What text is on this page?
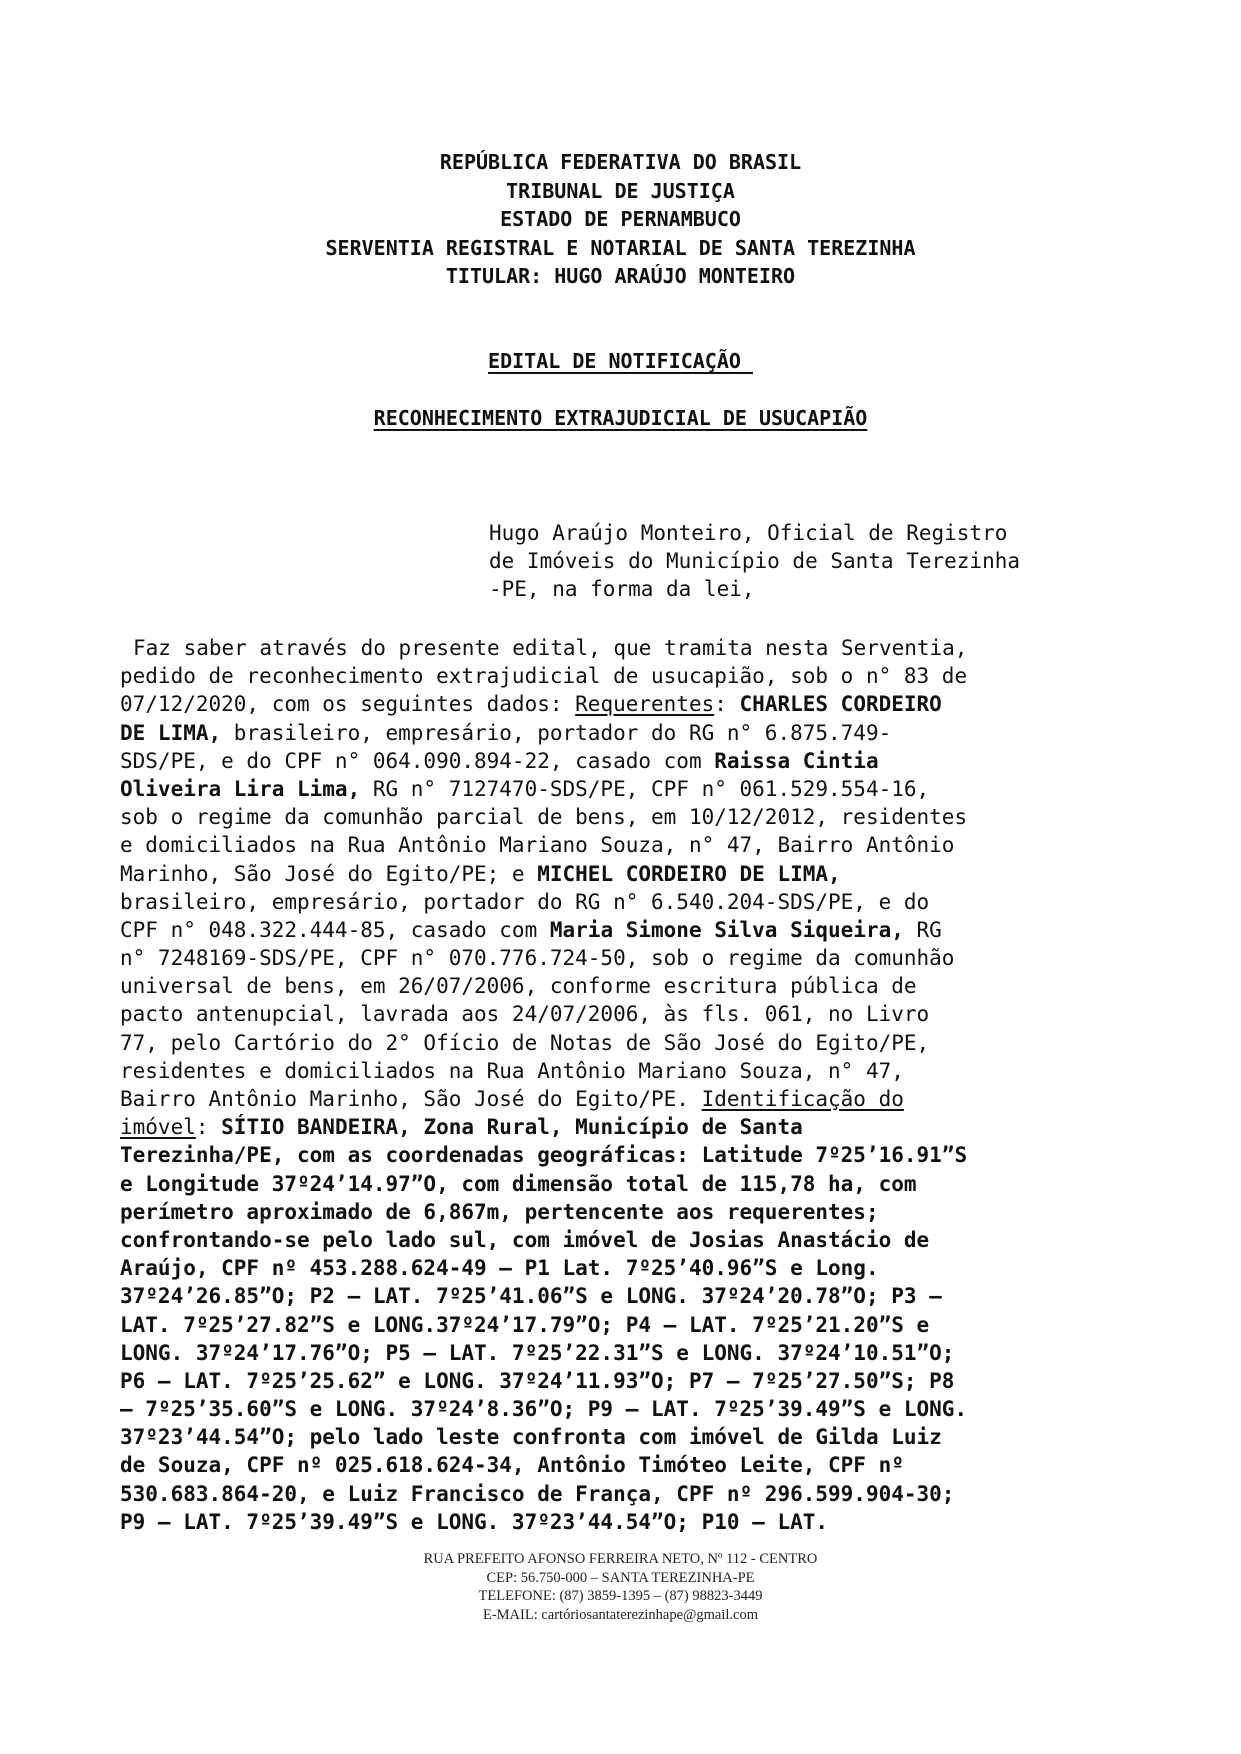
REPÚBLICA FEDERATIVA DO BRASIL
TRIBUNAL DE JUSTIÇA
ESTADO DE PERNAMBUCO
SERVENTIA REGISTRAL E NOTARIAL DE SANTA TEREZINHA
TITULAR: HUGO ARAÚJO MONTEIRO
EDITAL DE NOTIFICAÇÃO
RECONHECIMENTO EXTRAJUDICIAL DE USUCAPIÃO
Hugo Araújo Monteiro, Oficial de Registro
de Imóveis do Município de Santa Terezinha
-PE, na forma da lei,
Faz saber através do presente edital, que tramita nesta Serventia,
pedido de reconhecimento extrajudicial de usucapião, sob o n° 83 de
07/12/2020, com os seguintes dados: Requerentes: CHARLES CORDEIRO
DE LIMA, brasileiro, empresário, portador do RG n° 6.875.749-
SDS/PE, e do CPF n° 064.090.894-22, casado com Raissa Cintia
Oliveira Lira Lima, RG n° 7127470-SDS/PE, CPF n° 061.529.554-16,
sob o regime da comunhão parcial de bens, em 10/12/2012, residentes
e domiciliados na Rua Antônio Mariano Souza, n° 47, Bairro Antônio
Marinho, São José do Egito/PE; e MICHEL CORDEIRO DE LIMA,
brasileiro, empresário, portador do RG n° 6.540.204-SDS/PE, e do
CPF n° 048.322.444-85, casado com Maria Simone Silva Siqueira, RG
n° 7248169-SDS/PE, CPF n° 070.776.724-50, sob o regime da comunhão
universal de bens, em 26/07/2006, conforme escritura pública de
pacto antenupcial, lavrada aos 24/07/2006, às fls. 061, no Livro
77, pelo Cartório do 2° Ofício de Notas de São José do Egito/PE,
residentes e domiciliados na Rua Antônio Mariano Souza, n° 47,
Bairro Antônio Marinho, São José do Egito/PE. Identificação do
imóvel: SÍTIO BANDEIRA, Zona Rural, Município de Santa
Terezinha/PE, com as coordenadas geográficas: Latitude 7º25’16.91”S
e Longitude 37º24’14.97”O, com dimensão total de 115,78 ha, com
perímetro aproximado de 6,867m, pertencente aos requerentes;
confrontando-se pelo lado sul, com imóvel de Josias Anastácio de
Araújo, CPF nº 453.288.624-49 – P1 Lat. 7º25’40.96”S e Long.
37º24’26.85”O; P2 – LAT. 7º25’41.06”S e LONG. 37º24’20.78”O; P3 –
LAT. 7º25’27.82”S e LONG.37º24’17.79”O; P4 – LAT. 7º25’21.20”S e
LONG. 37º24’17.76”O; P5 – LAT. 7º25’22.31”S e LONG. 37º24’10.51”O;
P6 – LAT. 7º25’25.62” e LONG. 37º24’11.93”O; P7 – 7º25’27.50”S; P8
– 7º25’35.60”S e LONG. 37º24’8.36”O; P9 – LAT. 7º25’39.49”S e LONG.
37º23’44.54”O; pelo lado leste confronta com imóvel de Gilda Luiz
de Souza, CPF nº 025.618.624-34, Antônio Timóteo Leite, CPF nº
530.683.864-20, e Luiz Francisco de França, CPF nº 296.599.904-30;
P9 – LAT. 7º25’39.49”S e LONG. 37º23’44.54”O; P10 – LAT.
RUA PREFEITO AFONSO FERREIRA NETO, Nº 112 - CENTRO
CEP: 56.750-000 – SANTA TEREZINHA-PE
TELEFONE: (87) 3859-1395 – (87) 98823-3449
E-MAIL: cartóriosantaterezinhape@gmail.com
